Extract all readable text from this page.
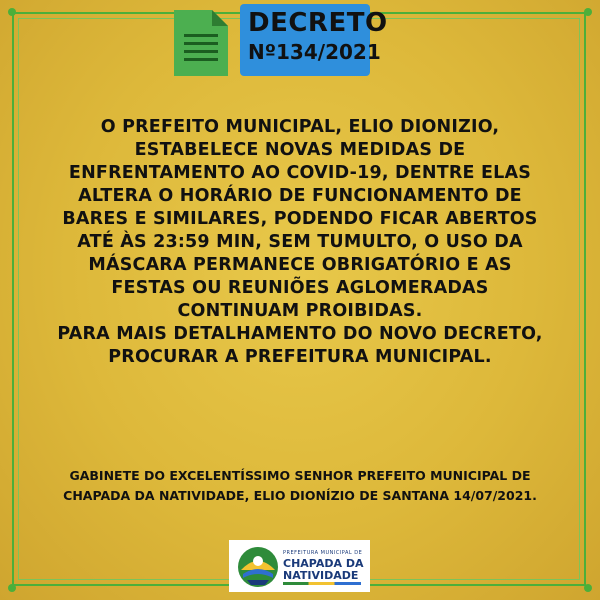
DECRETO
Nº134/2021
O PREFEITO MUNICIPAL, ELIO DIONIZIO,
ESTABELECE NOVAS MEDIDAS DE
ENFRENTAMENTO AO COVID-19, DENTRE ELAS
ALTERA O HORÁRIO DE FUNCIONAMENTO DE
BARES E SIMILARES, PODENDO FICAR ABERTOS
ATÉ ÀS 23:59 MIN, SEM TUMULTO, O USO DA
MÁSCARA PERMANECE OBRIGATÓRIO E AS
FESTAS OU REUNIÕES AGLOMERADAS
CONTINUAM PROIBIDAS.
PARA MAIS DETALHAMENTO DO NOVO DECRETO,
PROCURAR A PREFEITURA MUNICIPAL.
GABINETE DO EXCELENTÍSSIMO SENHOR PREFEITO MUNICIPAL DE
CHAPADA DA NATIVIDADE, ELIO DIONÍZIO DE SANTANA 14/07/2021.
PREFEITURA MUNICIPAL DE
CHAPADA DA
NATIVIDADE
